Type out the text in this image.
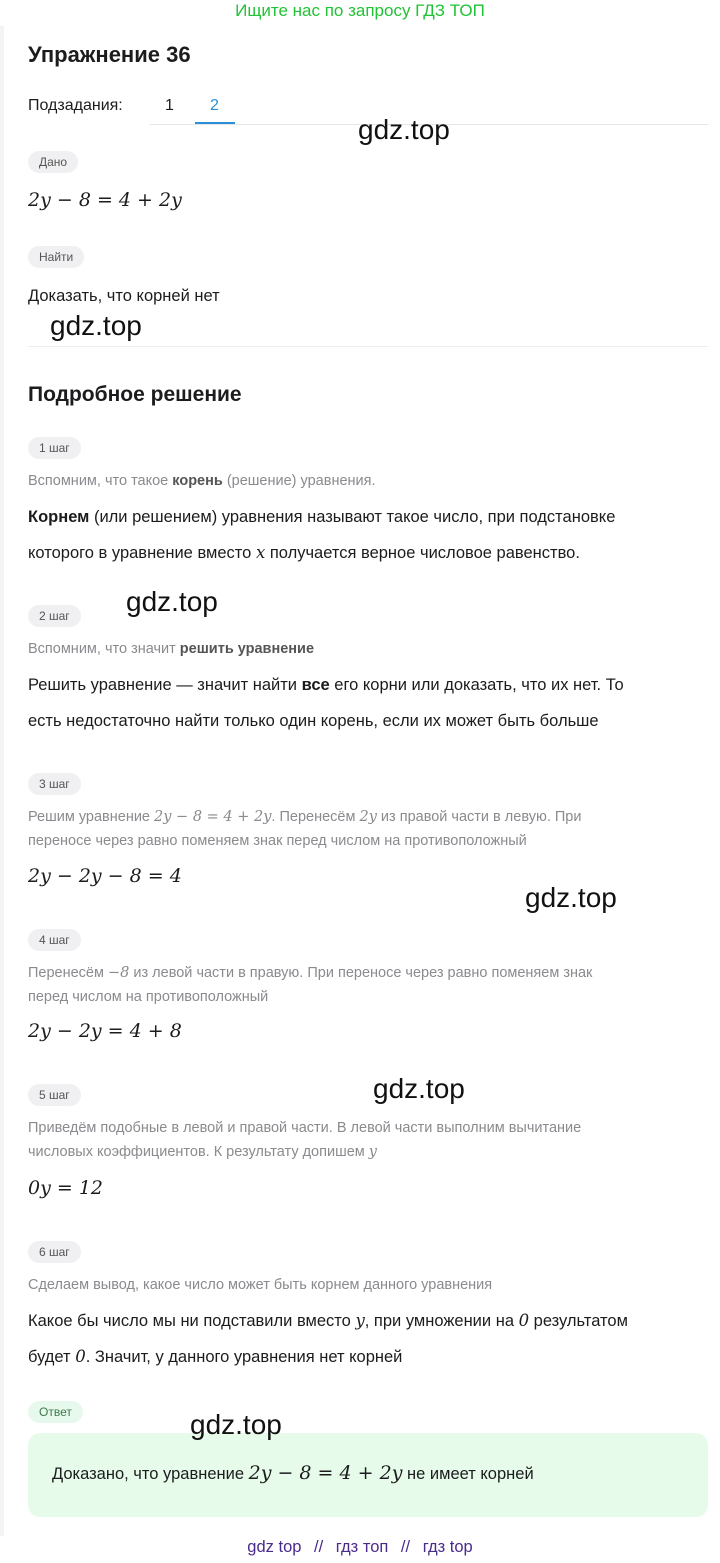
Ищите нас по запросу ГДЗ ТОП
Упражнение 36
Подзадания:	1 2
gdz.top
Дано
2y − 8 = 4 + 2y
Найти
Доказать, что корней нет
gdz.top
Подробное решение
1 шаг
Вспомним, что такое корень (решение) уравнения.
Корнем (или решением) уравнения называют такое число, при подстановке
которого в уравнение вместо x получается верное числовое равенство.
gdz.top
2 шаг
Вспомним, что значит решить уравнение
Решить уравнение — значит найти все его корни или доказать, что их нет. То
есть недостаточно найти только один корень, если их может быть больше
3 шаг
Решим уравнение 2y − 8 = 4 + 2y. Перенесём 2y из правой части в левую. При
переносе через равно поменяем знак перед числом на противоположный
2y − 2y − 8 = 4
gdz.top
4 шаг
Перенесём −8 из левой части в правую. При переносе через равно поменяем знак
перед числом на противоположный
2y − 2y = 4 + 8
gdz.top
5 шаг
Приведём подобные в левой и правой части. В левой части выполним вычитание
числовых коэффициентов. К результату допишем y
0y = 12
6 шаг
Сделаем вывод, какое число может быть корнем данного уравнения
Какое бы число мы ни подставили вместо y, при умножении на 0 результатом
будет 0. Значит, у данного уравнения нет корней
Ответ
Доказано, что уравнение 2y − 8 = 4 + 2y не имеет корней
gdz.top
gdz top // гдз топ // гдз top
